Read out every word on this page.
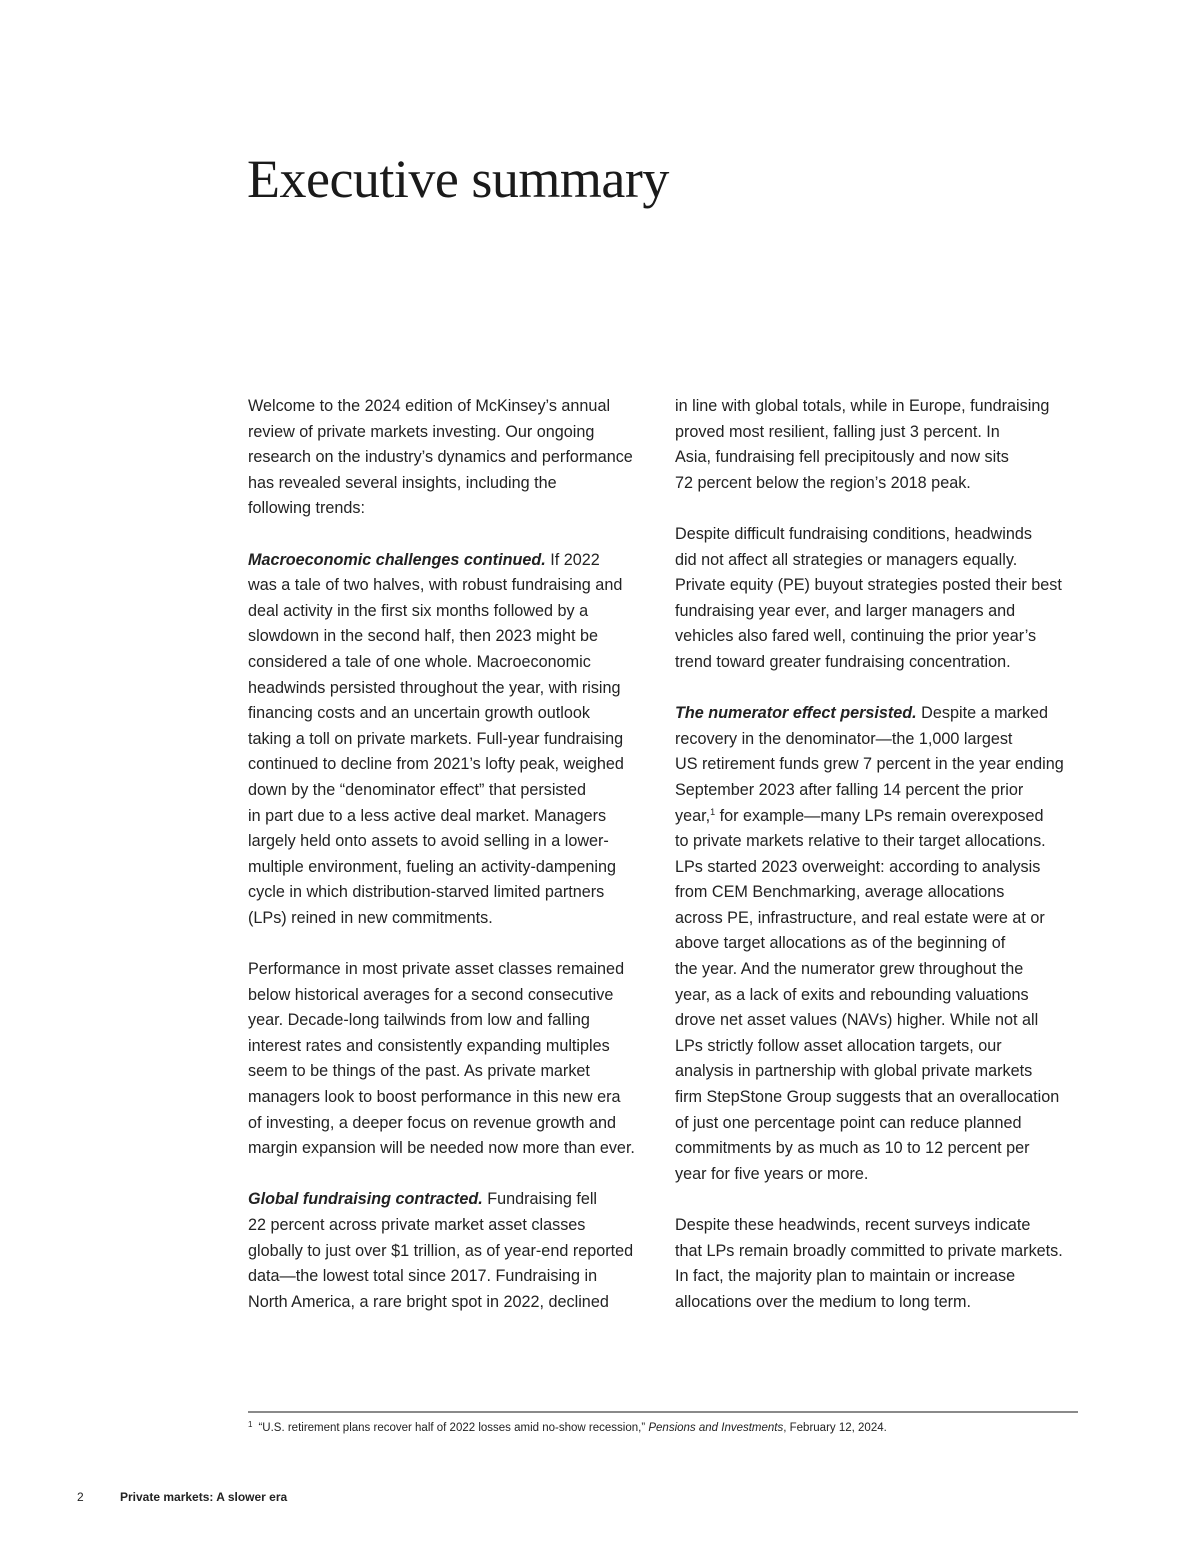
Executive summary

Welcome to the 2024 edition of McKinsey’s annual
review of private markets investing. Our ongoing
research on the industry’s dynamics and performance
has revealed several insights, including the
following trends:

Macroeconomic challenges continued. If 2022
was a tale of two halves, with robust fundraising and
deal activity in the first six months followed by a
slowdown in the second half, then 2023 might be
considered a tale of one whole. Macroeconomic
headwinds persisted throughout the year, with rising
financing costs and an uncertain growth outlook
taking a toll on private markets. Full-year fundraising
continued to decline from 2021’s lofty peak, weighed
down by the “denominator effect” that persisted
in part due to a less active deal market. Managers
largely held onto assets to avoid selling in a lower-
multiple environment, fueling an activity-dampening
cycle in which distribution-starved limited partners
(LPs) reined in new commitments.

Performance in most private asset classes remained
below historical averages for a second consecutive
year. Decade-long tailwinds from low and falling
interest rates and consistently expanding multiples
seem to be things of the past. As private market
managers look to boost performance in this new era
of investing, a deeper focus on revenue growth and
margin expansion will be needed now more than ever.

Global fundraising contracted. Fundraising fell
22 percent across private market asset classes
globally to just over $1 trillion, as of year-end reported
data—the lowest total since 2017. Fundraising in
North America, a rare bright spot in 2022, declined

in line with global totals, while in Europe, fundraising
proved most resilient, falling just 3 percent. In
Asia, fundraising fell precipitously and now sits
72 percent below the region’s 2018 peak.

Despite difficult fundraising conditions, headwinds
did not affect all strategies or managers equally.
Private equity (PE) buyout strategies posted their best
fundraising year ever, and larger managers and
vehicles also fared well, continuing the prior year’s
trend toward greater fundraising concentration.

The numerator effect persisted. Despite a marked
recovery in the denominator—the 1,000 largest
US retirement funds grew 7 percent in the year ending
September 2023 after falling 14 percent the prior
year,$^1$ for example—many LPs remain overexposed
to private markets relative to their target allocations.
LPs started 2023 overweight: according to analysis
from CEM Benchmarking, average allocations
across PE, infrastructure, and real estate were at or
above target allocations as of the beginning of
the year. And the numerator grew throughout the
year, as a lack of exits and rebounding valuations
drove net asset values (NAVs) higher. While not all
LPs strictly follow asset allocation targets, our
analysis in partnership with global private markets
firm StepStone Group suggests that an overallocation
of just one percentage point can reduce planned
commitments by as much as 10 to 12 percent per
year for five years or more.

Despite these headwinds, recent surveys indicate
that LPs remain broadly committed to private markets.
In fact, the majority plan to maintain or increase
allocations over the medium to long term.

$^1$ “U.S. retirement plans recover half of 2022 losses amid no-show recession,” Pensions and Investments, February 12, 2024.
2	Private markets: A slower era
